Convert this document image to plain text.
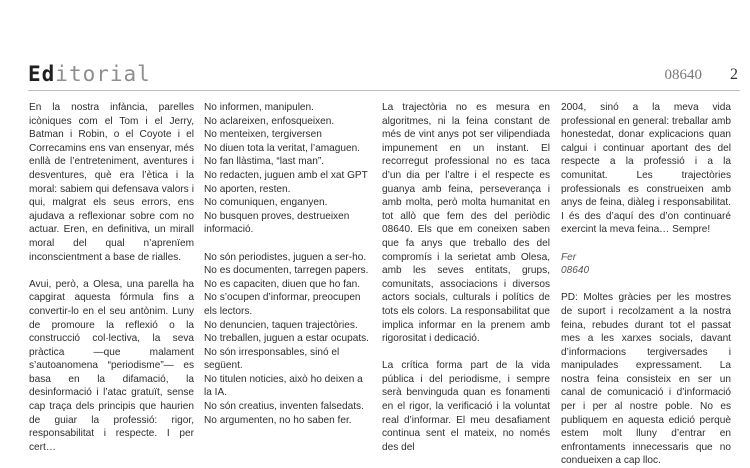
Editorial	08640 2

En la nostra infància, parelles icòniques com el Tom i el Jerry, Batman i Robin, o el Coyote i el Correcamins ens van ensenyar, més enllà de l’entreteniment, aventures i desventures, què era l’ètica i la moral: sabiem qui defensava valors i qui, malgrat els seus errors, ens ajudava a reflexionar sobre com no actuar. Eren, en definitiva, un mirall moral del qual n’aprenïem inconscientment a base de rialles.

Avui, però, a Olesa, una parella ha capgirat aquesta fórmula fins a convertir-lo en el seu antònim. Luny de promoure la reflexió o la construcció col·lectiva, la seva pràctica —que malament s’autoanomena “periodisme”— es basa en la difamació, la desinformació i l’atac gratuït, sense cap traça dels principis que haurien de guiar la professió: rigor, responsabilitat i respecte. I per cert…

No informen, manipulen.

No aclareixen, enfosqueixen.

No menteixen, tergiversen

No diuen tota la veritat, l’amaguen.

No fan llàstima, “last man”.

No redacten, juguen amb el xat GPT

No aporten, resten.

No comuniquen, enganyen.

No busquen proves, destrueixen informació.

No són periodistes, juguen a ser-ho.

No es documenten, tarregen papers.

No es capaciten, diuen que ho fan.

No s’ocupen d’informar, preocupen els lectors.

No denuncien, taquen trajectòries.

No treballen, juguen a estar ocupats.

No són irresponsables, sinó el següent.

No titulen noticies, això ho deixen a la IA.

No són creatius, inventen falsedats.

No argumenten, no ho saben fer.

La trajectòria no es mesura en algoritmes, ni la feina constant de més de vint anys pot ser vilipendiada impunement en un instant. El recorregut professional no es taca d’un dia per l’altre i el respecte es guanya amb feina, perseverança i amb molta, però molta humanitat en tot allò que fem des del periòdic 08640. Els que em coneixen saben que fa anys que treballo des del compromís i la serietat amb Olesa, amb les seves entitats, grups, comunitats, associacions i diversos actors socials, culturals i polítics de tots els colors. La responsabilitat que implica informar en la prenem amb rigorositat i dedicació.

La crítica forma part de la vida pública i del periodisme, i sempre serà benvinguda quan es fonamenti en el rigor, la verificació i la voluntat real d’informar. El meu desafiament continua sent el mateix, no només des del

2004, sinó a la meva vida professional en general: treballar amb honestedat, donar explicacions quan calgui i continuar aportant des del respecte a la professió i a la comunitat. Les trajectòries professionals es construeixen amb anys de feina, diàleg i responsabilitat. I és des d’aquí des d’on continuaré exercint la meva feina… Sempre!

Fer

08640

PD: Moltes gràcies per les mostres de suport i recolzament a la nostra feina, rebudes durant tot el passat mes a les xarxes socials, davant d’informacions tergiversades i manipulades expressament. La nostra feina consisteix en ser un canal de comunicació i d’informació per i per al nostre poble. No es publiquem en aquesta edició perquè estem molt lluny d’entrar en enfrontaments innecessaris que no condueixen a cap lloc.
